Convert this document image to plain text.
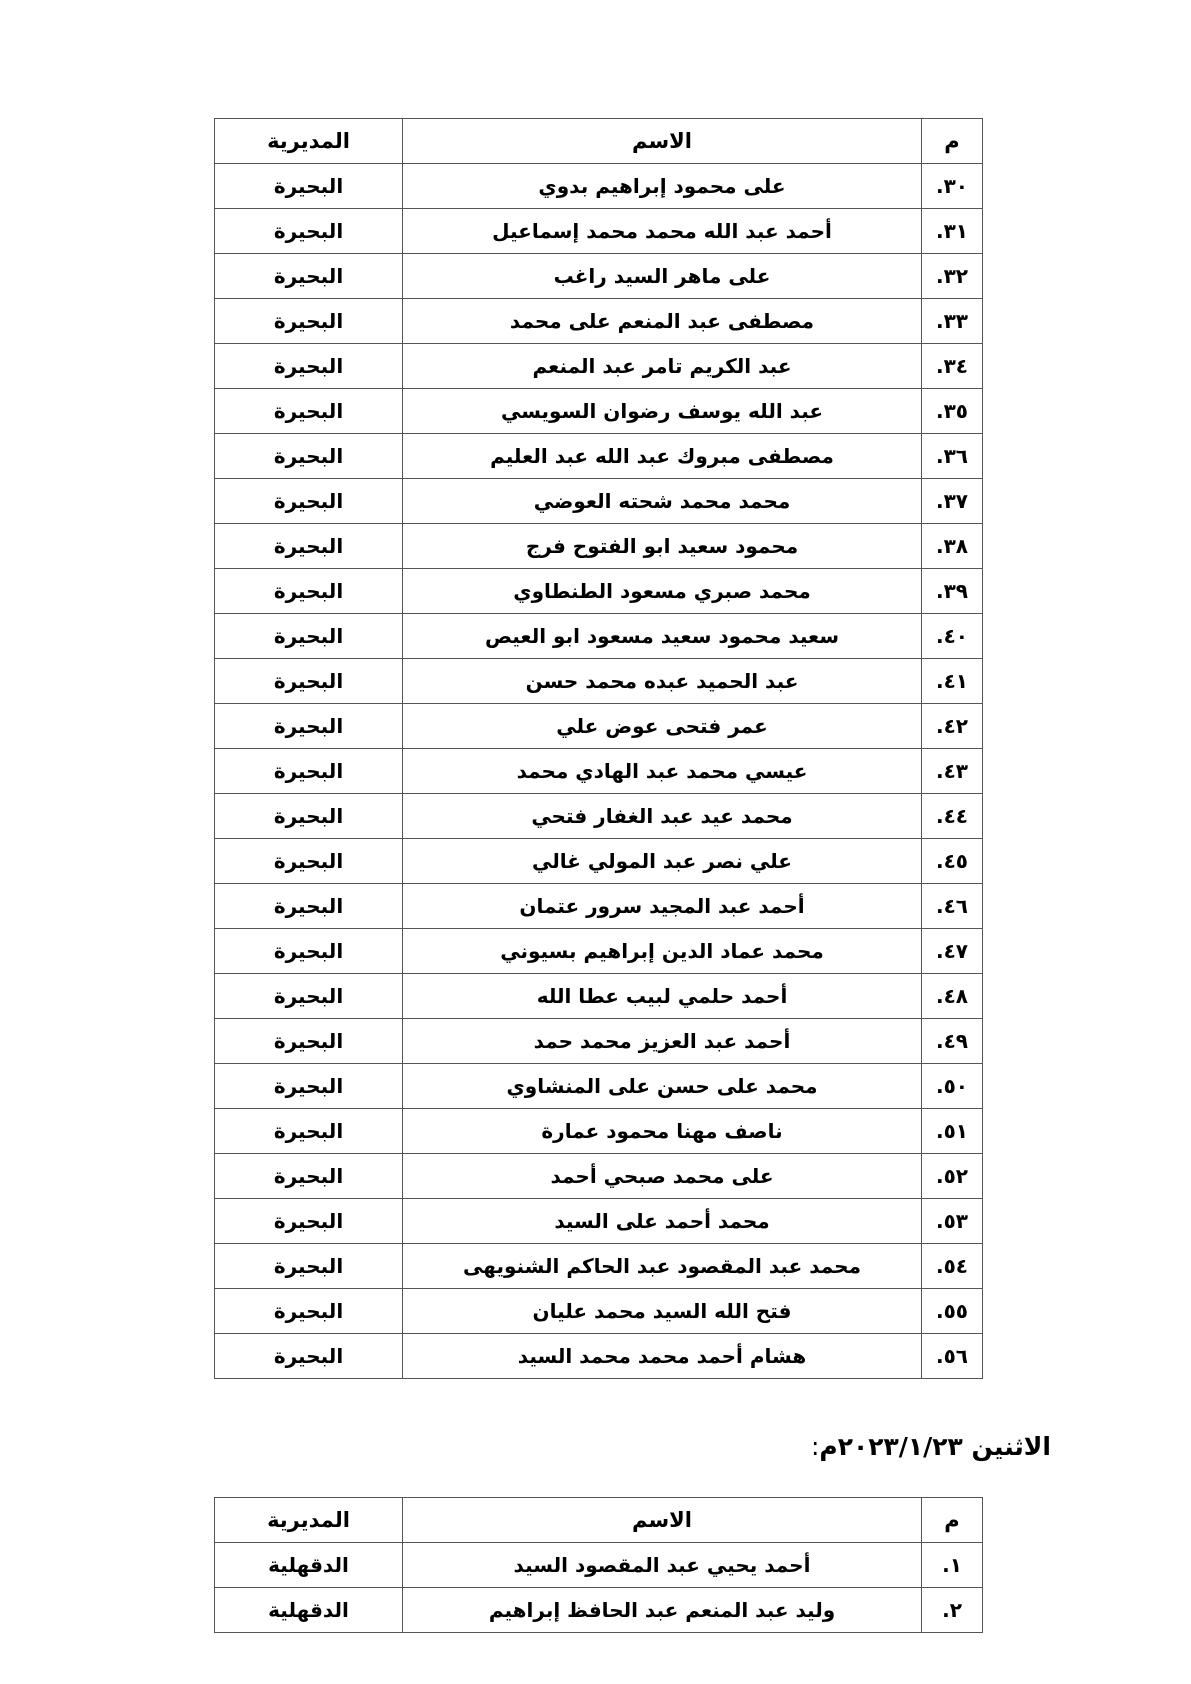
م	الاسم	المديرية
٣٠.	على محمود إبراهيم بدوي	البحيرة
٣١.	أحمد عبد الله محمد محمد إسماعيل	البحيرة
٣٢.	على ماهر السيد راغب	البحيرة
٣٣.	مصطفى عبد المنعم على محمد	البحيرة
٣٤.	عبد الكريم تامر عبد المنعم	البحيرة
٣٥.	عبد الله يوسف رضوان السويسي	البحيرة
٣٦.	مصطفى مبروك عبد الله عبد العليم	البحيرة
٣٧.	محمد محمد شحته العوضي	البحيرة
٣٨.	محمود سعيد ابو الفتوح فرج	البحيرة
٣٩.	محمد صبري مسعود الطنطاوي	البحيرة
٤٠.	سعيد محمود سعيد مسعود ابو العيص	البحيرة
٤١.	عبد الحميد عبده محمد حسن	البحيرة
٤٢.	عمر فتحى عوض علي	البحيرة
٤٣.	عيسي محمد عبد الهادي محمد	البحيرة
٤٤.	محمد عيد عبد الغفار فتحي	البحيرة
٤٥.	علي نصر عبد المولي غالي	البحيرة
٤٦.	أحمد عبد المجيد سرور عتمان	البحيرة
٤٧.	محمد عماد الدين إبراهيم بسيوني	البحيرة
٤٨.	أحمد حلمي لبيب عطا الله	البحيرة
٤٩.	أحمد عبد العزيز محمد حمد	البحيرة
٥٠.	محمد على حسن على المنشاوي	البحيرة
٥١.	ناصف مهنا محمود عمارة	البحيرة
٥٢.	على محمد صبحي أحمد	البحيرة
٥٣.	محمد أحمد على السيد	البحيرة
٥٤.	محمد عبد المقصود عبد الحاكم الشنويهى	البحيرة
٥٥.	فتح الله السيد محمد عليان	البحيرة
٥٦.	هشام أحمد محمد محمد السيد	البحيرة
الاثنين ٢٠٢٣/١/٢٣م:
م	الاسم	المديرية
١.	أحمد يحيي عبد المقصود السيد	الدقهلية
٢.	وليد عبد المنعم عبد الحافظ إبراهيم	الدقهلية
